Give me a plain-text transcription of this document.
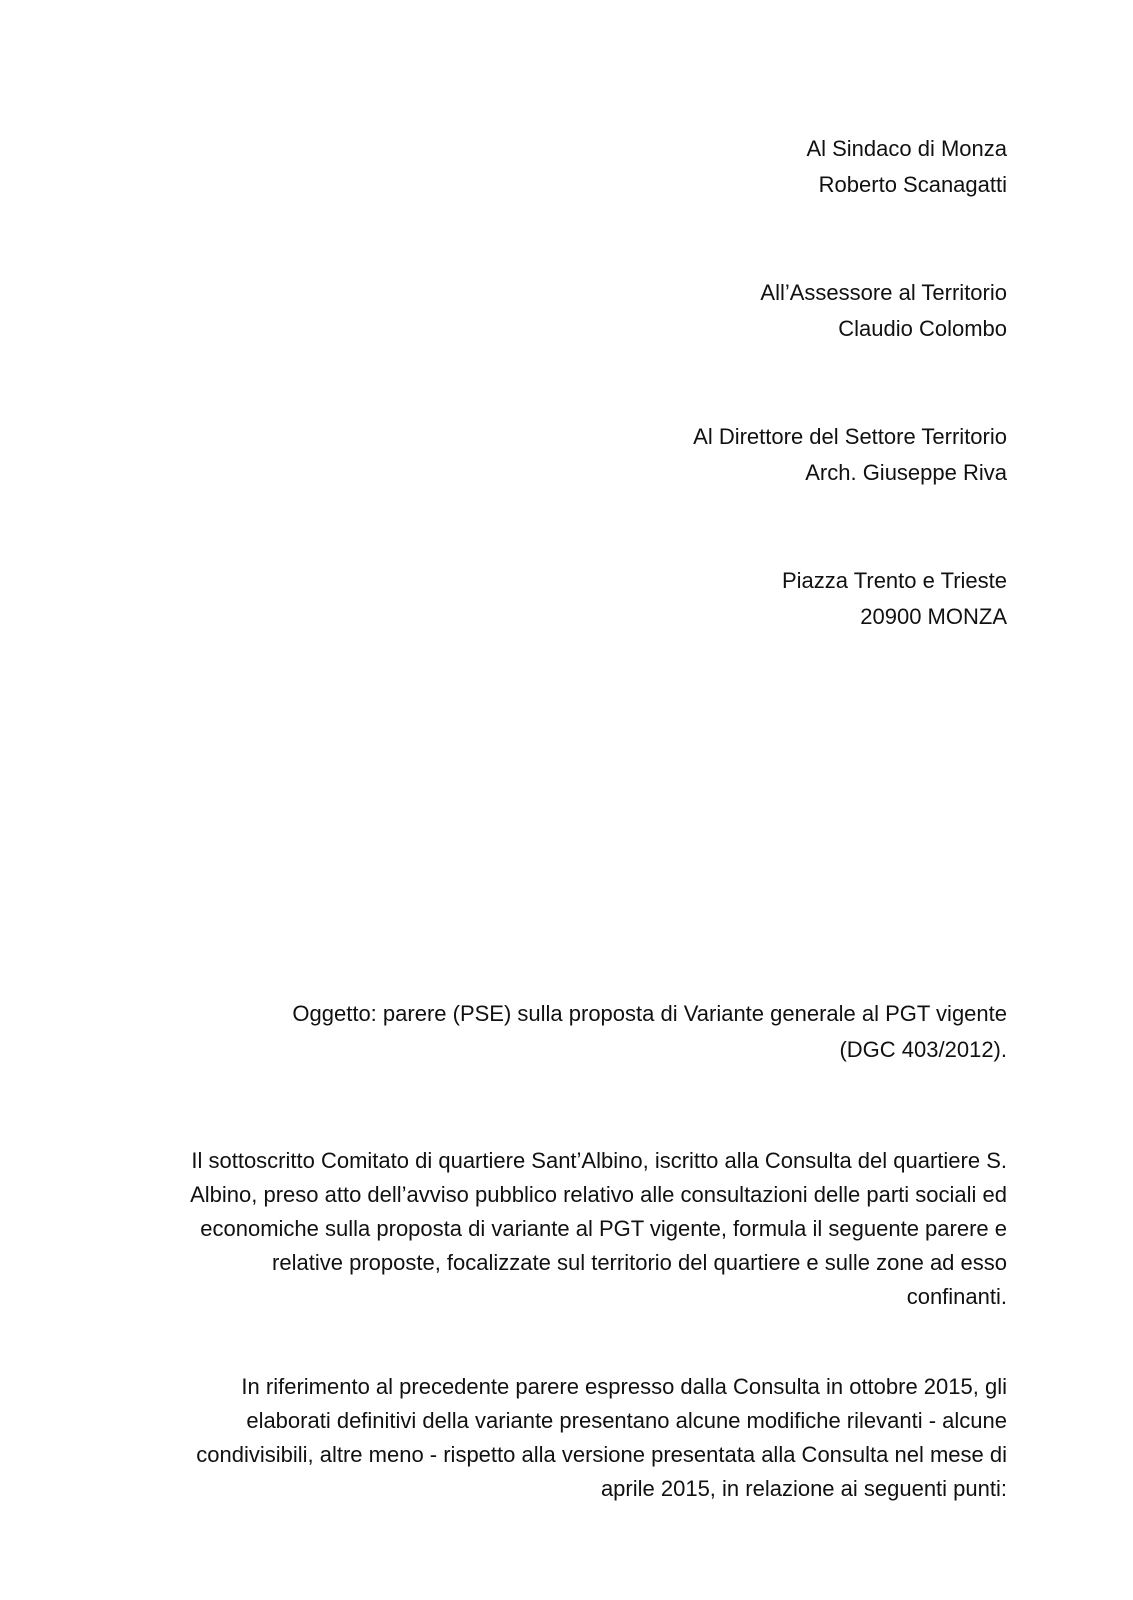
Al Sindaco di Monza
Roberto Scanagatti
All’Assessore al Territorio
Claudio Colombo
Al Direttore del Settore Territorio
Arch. Giuseppe Riva
Piazza Trento e Trieste
20900 MONZA
Oggetto: parere (PSE) sulla proposta di Variante generale al PGT vigente
(DGC 403/2012).
Il sottoscritto Comitato di quartiere Sant’Albino, iscritto alla Consulta del quartiere S.
Albino, preso atto dell’avviso pubblico relativo alle consultazioni delle parti sociali ed
economiche sulla proposta di variante al PGT vigente, formula il seguente parere e
relative proposte, focalizzate sul territorio del quartiere e sulle zone ad esso
confinanti.
In riferimento al precedente parere espresso dalla Consulta in ottobre 2015, gli
elaborati definitivi della variante presentano alcune modifiche rilevanti - alcune
condivisibili, altre meno - rispetto alla versione presentata alla Consulta nel mese di
aprile 2015, in relazione ai seguenti punti:
